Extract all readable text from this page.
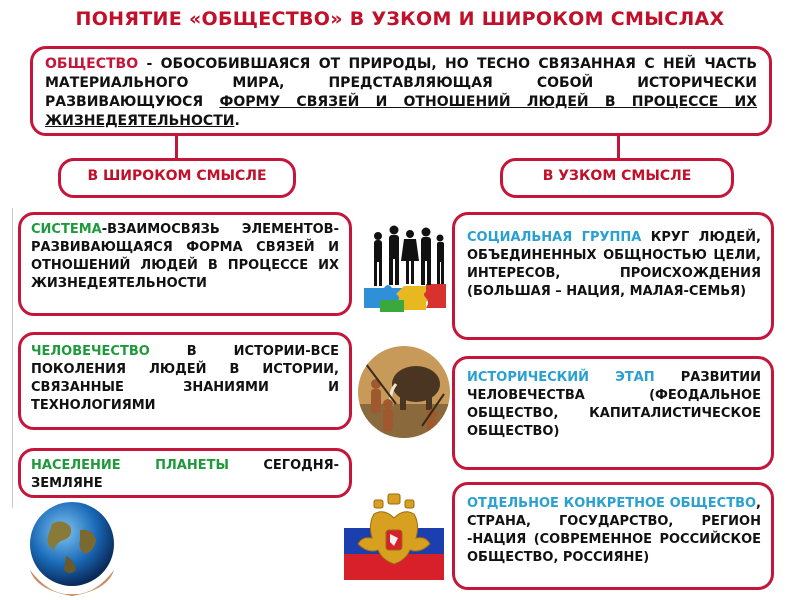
ПОНЯТИЕ «ОБЩЕСТВО» В УЗКОМ И ШИРОКОМ СМЫСЛАХ
ОБЩЕСТВО - ОБОСОБИВШАЯСЯ ОТ ПРИРОДЫ, НО ТЕСНО СВЯЗАННАЯ С НЕЙ ЧАСТЬ МАТЕРИАЛЬНОГО МИРА, ПРЕДСТАВЛЯЮЩАЯ СОБОЙ ИСТОРИЧЕСКИ РАЗВИВАЮЩУЮСЯ ФОРМУ СВЯЗЕЙ И ОТНОШЕНИЙ ЛЮДЕЙ В ПРОЦЕССЕ ИХ ЖИЗНЕДЕЯТЕЛЬНОСТИ.
В ШИРОКОМ СМЫСЛЕ	В УЗКОМ СМЫСЛЕ
СИСТЕМА-ВЗАИМОСВЯЗЬ ЭЛЕМЕНТОВ- РАЗВИВАЮЩАЯСЯ ФОРМА СВЯЗЕЙ И ОТНОШЕНИЙ ЛЮДЕЙ В ПРОЦЕССЕ ИХ ЖИЗНЕДЕЯТЕЛЬНОСТИ
ЧЕЛОВЕЧЕСТВО В ИСТОРИИ-ВСЕ ПОКОЛЕНИЯ ЛЮДЕЙ В ИСТОРИИ, СВЯЗАННЫЕ ЗНАНИЯМИ И ТЕХНОЛОГИЯМИ
НАСЕЛЕНИЕ ПЛАНЕТЫ СЕГОДНЯ-ЗЕМЛЯНЕ
СОЦИАЛЬНАЯ ГРУППА КРУГ ЛЮДЕЙ, ОБЪЕДИНЕННЫХ ОБЩНОСТЬЮ ЦЕЛИ, ИНТЕРЕСОВ, ПРОИСХОЖДЕНИЯ (БОЛЬШАЯ – НАЦИЯ, МАЛАЯ-СЕМЬЯ)
ИСТОРИЧЕСКИЙ ЭТАП РАЗВИТИИ ЧЕЛОВЕЧЕСТВА (ФЕОДАЛЬНОЕ ОБЩЕСТВО, КАПИТАЛИСТИЧЕСКОЕ ОБЩЕСТВО)
ОТДЕЛЬНОЕ КОНКРЕТНОЕ ОБЩЕСТВО, СТРАНА, ГОСУДАРСТВО, РЕГИОН -НАЦИЯ (СОВРЕМЕННОЕ РОССИЙСКОЕ ОБЩЕСТВО, РОССИЯНЕ)
